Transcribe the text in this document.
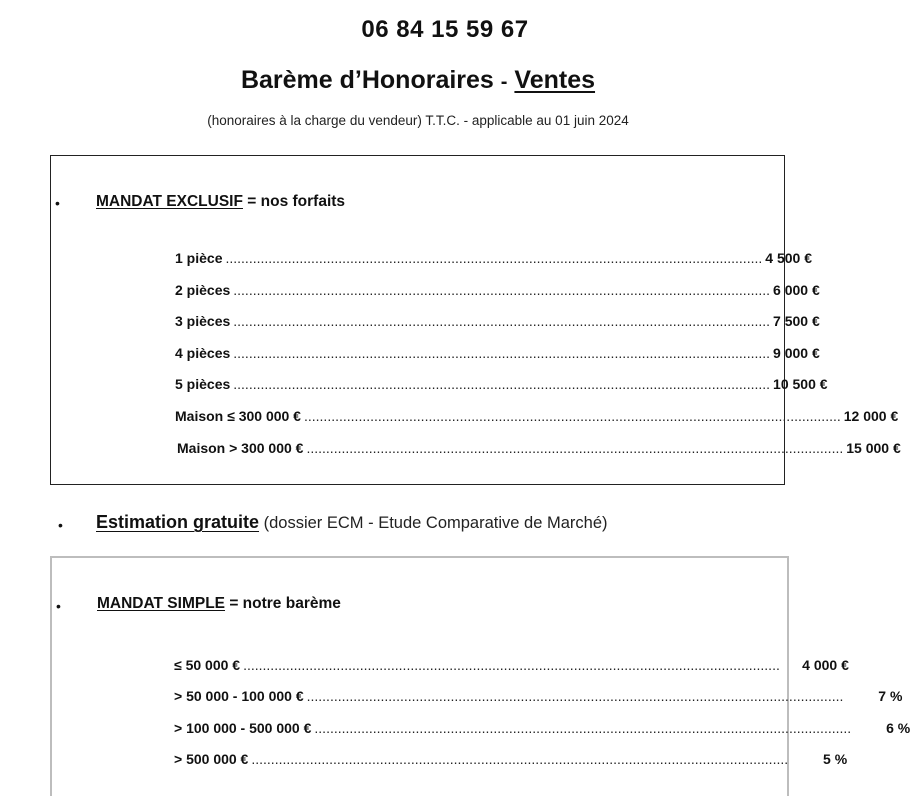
06 84 15 59 67
Barème d’Honoraires - Ventes
(honoraires à la charge du vendeur) T.T.C. - applicable au 01 juin 2024
• MANDAT EXCLUSIF = nos forfaits
1 pièce .......................................................................................................................................... 4 500 €
2 pièces .......................................................................................................................................... 6 000 €
3 pièces .......................................................................................................................................... 7 500 €
4 pièces .......................................................................................................................................... 9 000 €
5 pièces .......................................................................................................................................... 10 500 €
Maison ≤ 300 000 € .......................................................................................................................................... 12 000 €
Maison > 300 000 € .......................................................................................................................................... 15 000 €
• Estimation gratuite (dossier ECM - Etude Comparative de Marché)
• MANDAT SIMPLE = notre barème
≤ 50 000 € ..........................................................................................................................................	4 000 €
> 50 000 - 100 000 € ..........................................................................................................................................	7 %
> 100 000 - 500 000 € ..........................................................................................................................................	6 %
> 500 000 € ..........................................................................................................................................	5 %
